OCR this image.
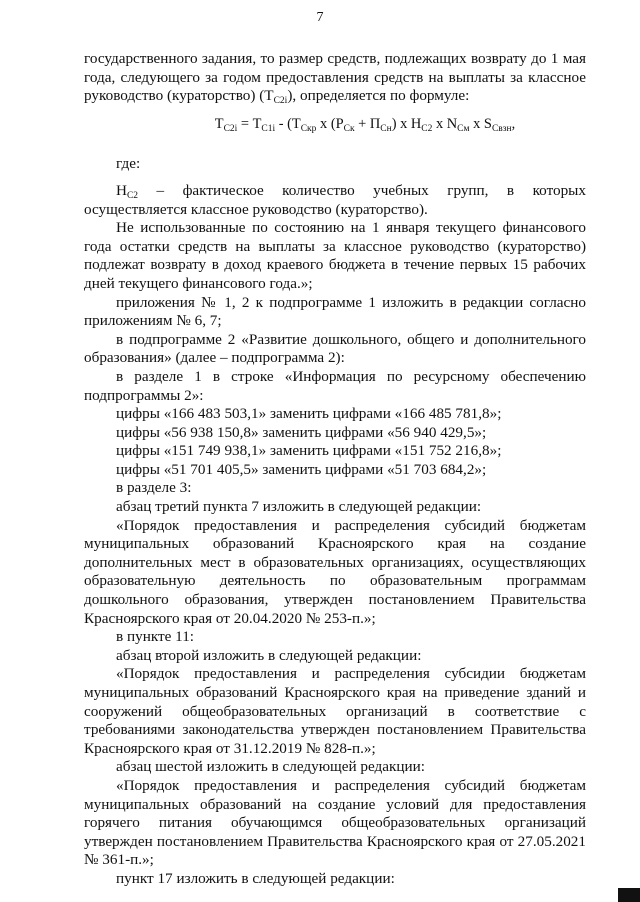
7

государственного задания, то размер средств, подлежащих возврату до 1 мая года, следующего за годом предоставления средств на выплаты за классное руководство (кураторство) $(Т_{C2i})$, определяется по формуле:

$Т_{C2i} = Т_{C1i} - (Т_{Скр}$ х $(Р_{Ск} + П_{Сн})$ х $Н_{С2}$ х $N_{См}$ х $S_{Свзн}$,

где:

$Н_{С2}$ – фактическое количество учебных групп, в которых

осуществляется классное руководство (кураторство).

Не использованные по состоянию на 1 января текущего финансового года остатки средств на выплаты за классное руководство (кураторство) подлежат возврату в доход краевого бюджета в течение первых 15 рабочих дней текущего финансового года.»;

приложения № 1, 2 к подпрограмме 1 изложить в редакции согласно приложениям № 6, 7;

в подпрограмме 2 «Развитие дошкольного, общего и дополнительного образования» (далее – подпрограмма 2):

в разделе 1 в строке «Информация по ресурсному обеспечению подпрограммы 2»:

цифры «166 483 503,1» заменить цифрами «166 485 781,8»;

цифры «56 938 150,8» заменить цифрами «56 940 429,5»;

цифры «151 749 938,1» заменить цифрами «151 752 216,8»;

цифры «51 701 405,5» заменить цифрами «51 703 684,2»;

в разделе 3:

абзац третий пункта 7 изложить в следующей редакции:

«Порядок предоставления и распределения субсидий бюджетам муниципальных образований Красноярского края на создание дополнительных мест в образовательных организациях, осуществляющих образовательную деятельность по образовательным программам дошкольного образования, утвержден постановлением Правительства Красноярского края от 20.04.2020 № 253-п.»;

в пункте 11:

абзац второй изложить в следующей редакции:

«Порядок предоставления и распределения субсидии бюджетам муниципальных образований Красноярского края на приведение зданий и сооружений общеобразовательных организаций в соответствие с требованиями законодательства утвержден постановлением Правительства Красноярского края от 31.12.2019 № 828-п.»;

абзац шестой изложить в следующей редакции:

«Порядок предоставления и распределения субсидий бюджетам муниципальных образований на создание условий для предоставления горячего питания обучающимся общеобразовательных организаций утвержден постановлением Правительства Красноярского края от 27.05.2021 № 361-п.»;

пункт 17 изложить в следующей редакции:
